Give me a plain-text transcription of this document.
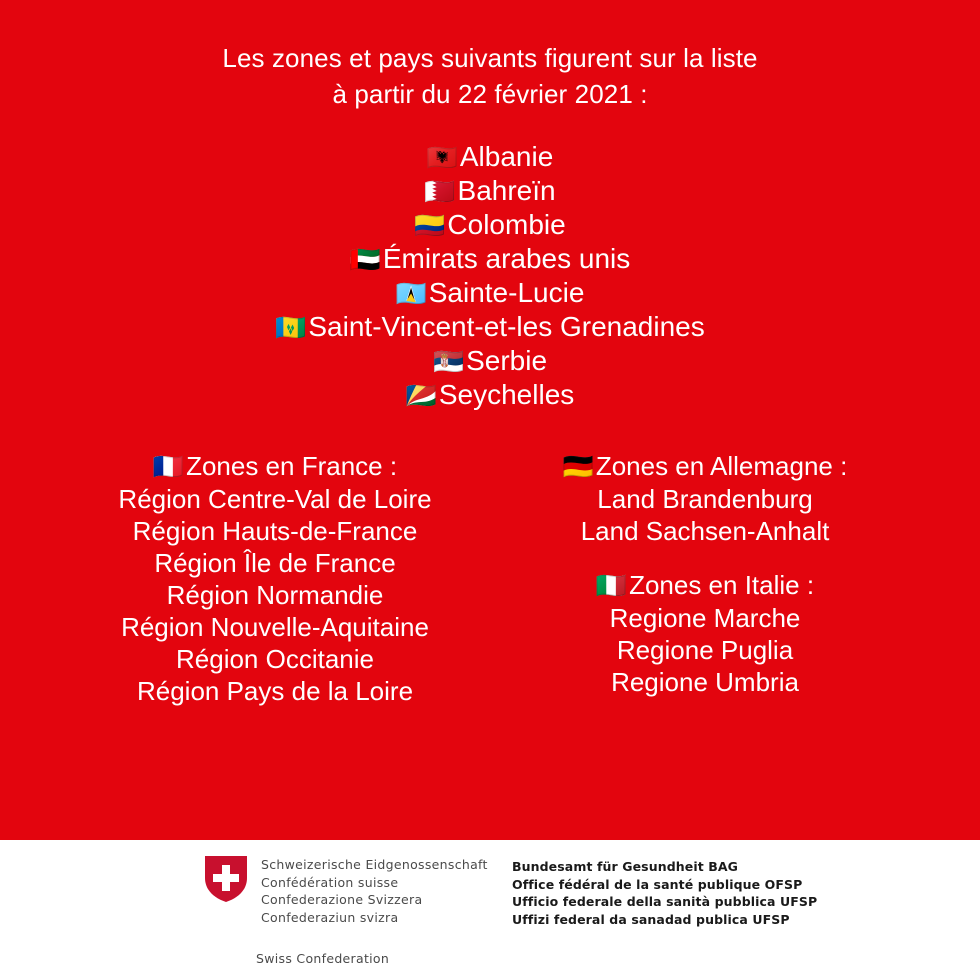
Les zones et pays suivants figurent sur la liste
à partir du 22 février 2021 :
🇦🇱Albanie
🇧🇭Bahreïn
🇨🇴Colombie
🇦🇪Émirats arabes unis
🇱🇨Sainte-Lucie
🇻🇨Saint-Vincent-et-les Grenadines
🇷🇸Serbie
🇸🇨Seychelles
🇫🇷Zones en France :
Région Centre-Val de Loire
Région Hauts-de-France
Région Île de France
Région Normandie
Région Nouvelle-Aquitaine
Région Occitanie
Région Pays de la Loire
🇩🇪Zones en Allemagne :
Land Brandenburg
Land Sachsen-Anhalt
🇮🇹Zones en Italie :
Regione Marche
Regione Puglia
Regione Umbria
Schweizerische Eidgenossenschaft
Confédération suisse
Confederazione Svizzera
Confederaziun svizra
Swiss Confederation
Bundesamt für Gesundheit BAG
Office fédéral de la santé publique OFSP
Ufficio federale della sanità pubblica UFSP
Uffizi federal da sanadad publica UFSP
